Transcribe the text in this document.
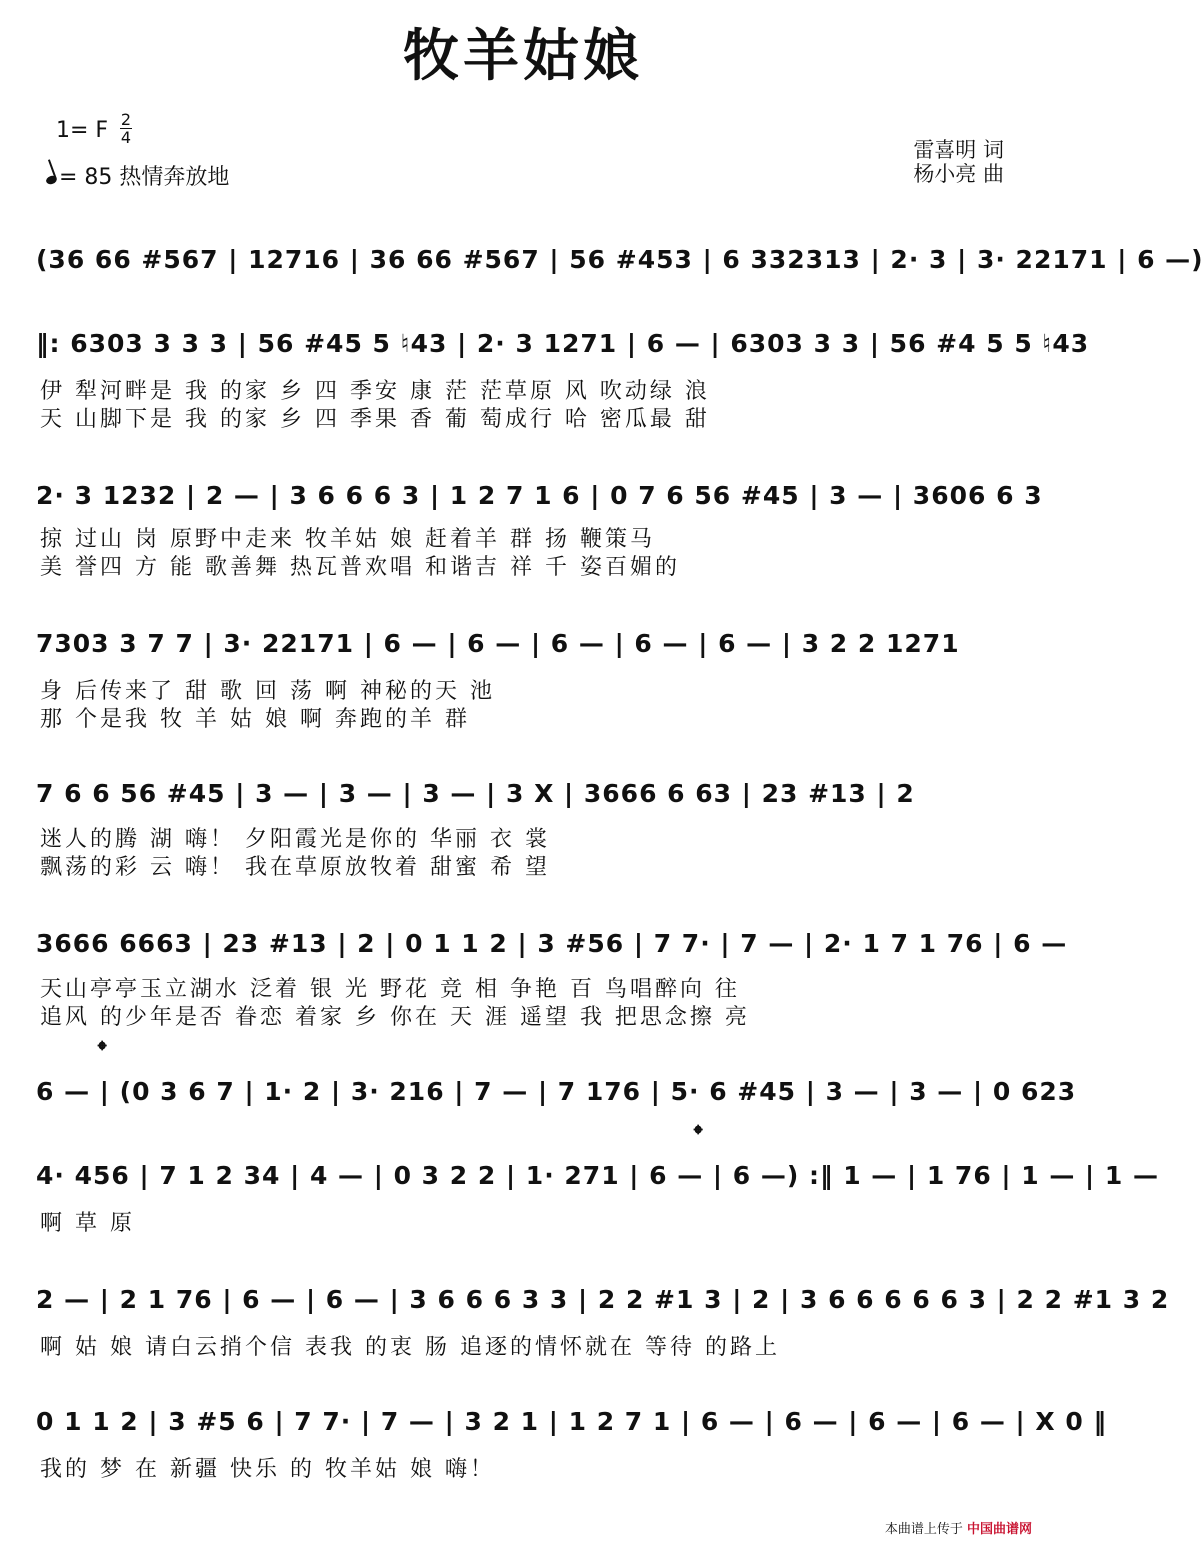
牧羊姑娘
1= F 2
4
= 85 热情奔放地
雷喜明 词
杨小亮 曲
(36 66 #567 | 12716 | 36 66 #567 | 56 #453 | 6 332313 | 2· 3 | 3· 22171 | 6 —)
‖: 6303 3 3 3 | 56 #45 5 ♮43 | 2· 3 1271 | 6 — | 6303 3 3 | 56 #4 5 5 ♮43
伊 犁河畔是 我 的家 乡 四 季安 康 茫 茫草原 风 吹动绿 浪
天 山脚下是 我 的家 乡 四 季果 香 葡 萄成行 哈 密瓜最 甜
2· 3 1232 | 2 — | 3 6 6 6 3 | 1 2 7 1 6 | 0 7 6 56 #45 | 3 — | 3606 6 3
掠 过山 岗 原野中走来 牧羊姑 娘 赶着羊 群 扬 鞭策马
美 誉四 方 能 歌善舞 热瓦普欢唱 和谐吉 祥 千 姿百媚的
7303 3 7 7 | 3· 22171 | 6 — | 6 — | 6 — | 6 — | 6 — | 3 2 2 1271
身 后传来了 甜 歌 回 荡 啊 神秘的天 池
那 个是我 牧 羊 姑 娘 啊 奔跑的羊 群
7 6 6 56 #45 | 3 — | 3 — | 3 — | 3 X | 3666 6 63 | 23 #13 | 2
迷人的腾 湖 嗨！ 夕阳霞光是你的 华丽 衣 裳
飘荡的彩 云 嗨！ 我在草原放牧着 甜蜜 希 望
3666 6663 | 23 #13 | 2 | 0 1 1 2 | 3 #56 | 7 7· | 7 — | 2· 1 7 1 76 | 6 —
天山亭亭玉立湖水 泛着 银 光 野花 竞 相 争艳 百 鸟唱醉向 往
追风 的少年是否 眷恋 着家 乡 你在 天 涯 遥望 我 把思念擦 亮
𝄌
6 — | (0 3 6 7 | 1· 2 | 3· 216 | 7 — | 7 176 | 5· 6 #45 | 3 — | 3 — | 0 623
𝄌
4· 456 | 7 1 2 34 | 4 — | 0 3 2 2 | 1· 271 | 6 — | 6 —) :‖ 1 — | 1 76 | 1 — | 1 —
啊 草 原
2 — | 2 1 76 | 6 — | 6 — | 3 6 6 6 3 3 | 2 2 #1 3 | 2 | 3 6 6 6 6 6 3 | 2 2 #1 3 2
啊 姑 娘 请白云捎个信 表我 的衷 肠 追逐的情怀就在 等待 的路上
0 1 1 2 | 3 #5 6 | 7 7· | 7 — | 3 2 1 | 1 2 7 1 | 6 — | 6 — | 6 — | 6 — | X 0 ‖
我的 梦 在 新疆 快乐 的 牧羊姑 娘 嗨！
本曲谱上传于 中国曲谱网
